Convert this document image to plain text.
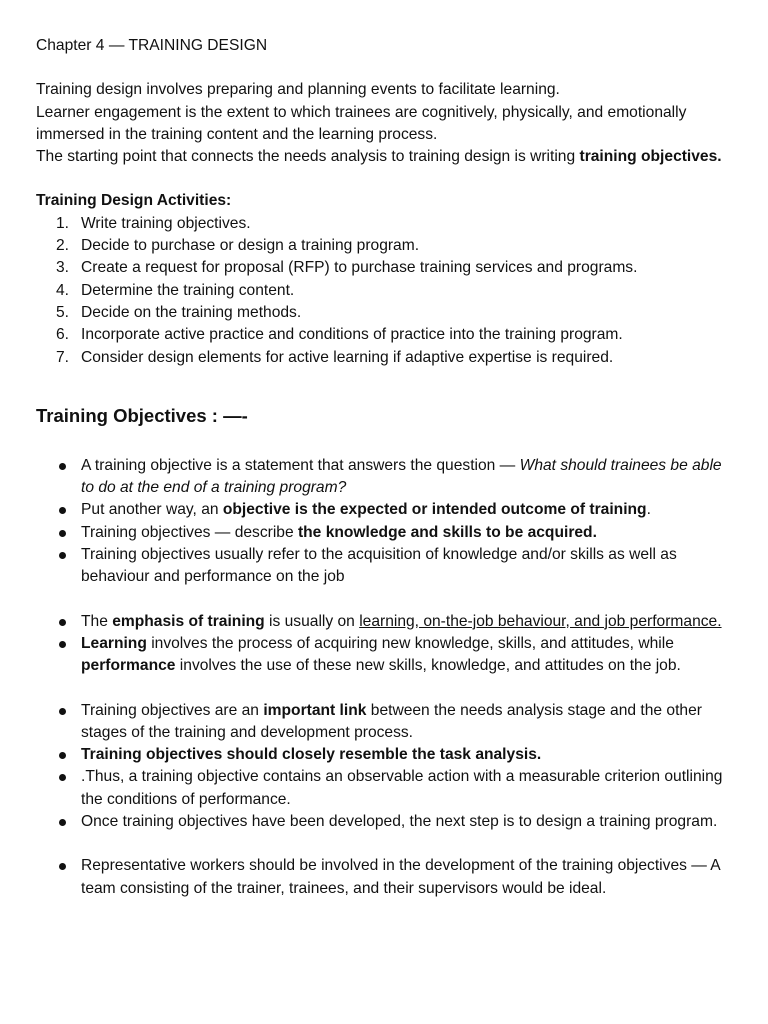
Chapter 4 — TRAINING DESIGN

Training design involves preparing and planning events to facilitate learning.

Learner engagement is the extent to which trainees are cognitively, physically, and emotionally immersed in the training content and the learning process.

The starting point that connects the needs analysis to training design is writing training objectives.

Training Design Activities:

1. Write training objectives.
2. Decide to purchase or design a training program.
3. Create a request for proposal (RFP) to purchase training services and programs.
4. Determine the training content.
5. Decide on the training methods.
6. Incorporate active practice and conditions of practice into the training program.
7. Consider design elements for active learning if adaptive expertise is required.

Training Objectives : —-

A training objective is a statement that answers the question — What should trainees be able to do at the end of a training program?
Put another way, an objective is the expected or intended outcome of training.
Training objectives — describe the knowledge and skills to be acquired.
Training objectives usually refer to the acquisition of knowledge and/or skills as well as behaviour and performance on the job
The emphasis of training is usually on learning, on-the-job behaviour, and job performance.
Learning involves the process of acquiring new knowledge, skills, and attitudes, while performance involves the use of these new skills, knowledge, and attitudes on the job.
Training objectives are an important link between the needs analysis stage and the other stages of the training and development process.
Training objectives should closely resemble the task analysis.
.Thus, a training objective contains an observable action with a measurable criterion outlining the conditions of performance.
Once training objectives have been developed, the next step is to design a training program.
Representative workers should be involved in the development of the training objectives — A team consisting of the trainer, trainees, and their supervisors would be ideal.
